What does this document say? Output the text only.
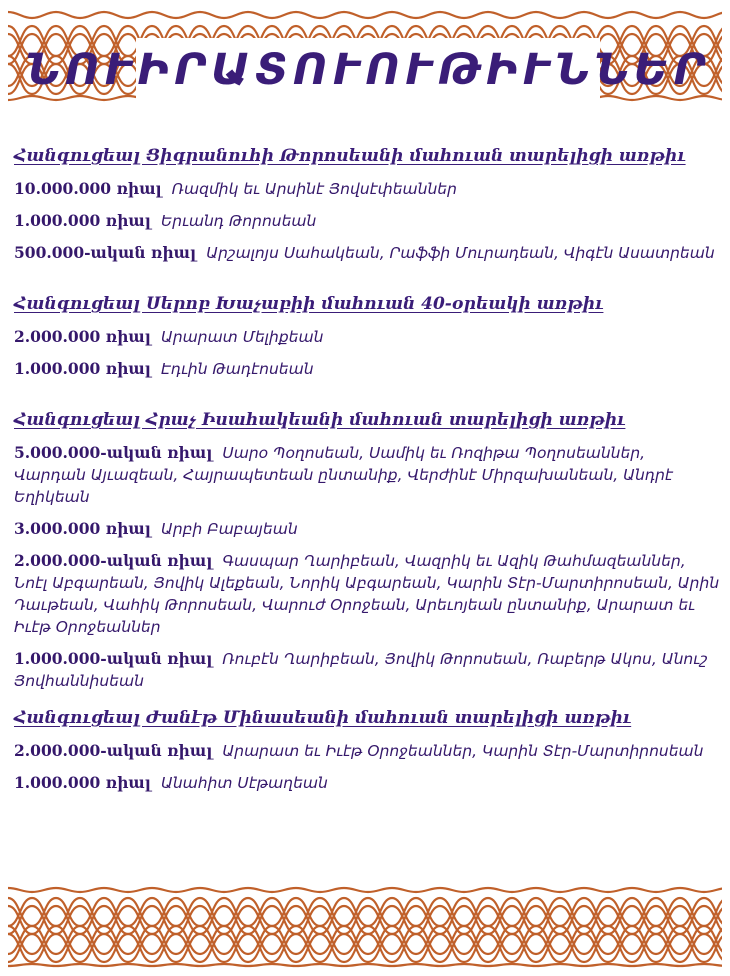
ՆՈՒԻՐԱՏՈՒՈՒԹԻՒՆՆԵՐ
Հանգուցեալ Ցիգրանուհի Թորոսեանի մահուան տարելիցի առթիւ
10.000.000 ռիալ Ռազմիկ եւ Արսինէ Յովսէփեաններ
1.000.000 ռիալ Երւանդ Թորոսեան
500.000-ական ռիալ Արշալոյս Սահակեան, Րաֆֆի Մուրադեան, Վիգէն Ասատրեան
Հանգուցեալ Սերոբ Խաչաբիի մահուան 40-օրեակի առթիւ
2.000.000 ռիալ Արարատ Մելիքեան
1.000.000 ռիալ Էդւին Թադէոսեան
Հանգուցեալ Հրաչ Իսահակեանի մահուան տարելիցի առթիւ
5.000.000-ական ռիալ Սարօ Պօղոսեան, Սամիկ եւ Ռոզիթա Պօղոսեաններ, Վարդան Այւազեան, Հայրապետեան ընտանիք, Վերժինէ Միրզախանեան, Անդրէ Եղիկեան
3.000.000 ռիալ Արբի Բաբայեան
2.000.000-ական ռիալ Գասպար Ղարիբեան, Վազրիկ եւ Ազիկ Թահմազեաններ, Նոէլ Աբգարեան, Յովիկ Ալեքեան, Նորիկ Աբգարեան, Կարին Տէր-Մարտիրոսեան, Արին Դաւթեան, Վահիկ Թորոսեան, Վարուժ Օրոջեան, Արեւոյեան ընտանիք, Արարատ եւ Իւէթ Օրոջեաններ
1.000.000-ական ռիալ Ռուբէն Ղարիբեան, Յովիկ Թորոսեան, Ռաբերթ Ակոս, Անուշ Յովհաննիսեան
Հանգուցեալ Ժանէթ Մինասեանի մահուան տարելիցի առթիւ
2.000.000-ական ռիալ Արարատ եւ Իւէթ Օրոջեաններ, Կարին Տէր-Մարտիրոսեան
1.000.000 ռիալ Անահիտ Սէթաղեան
